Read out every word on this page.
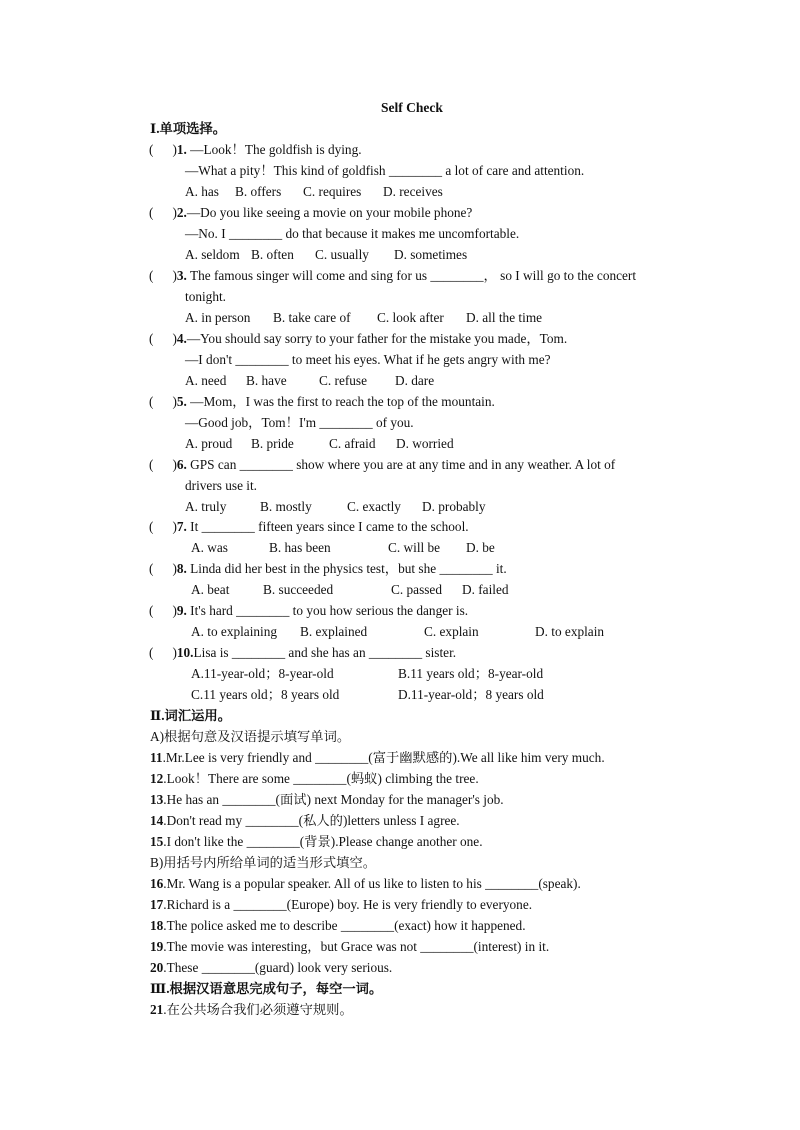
Self Check
Ⅰ.单项选择。
( )1. —Look！The goldfish is dying.
—What a pity！This kind of goldfish ________ a lot of care and attention.
A. has B. offers C. requires D. receives
( )2.—Do you like seeing a movie on your mobile phone?
—No. I ________ do that because it makes me uncomfortable.
A. seldom B. often C. usually D. sometimes
( )3. The famous singer will come and sing for us ________， so I will go to the concert
tonight.
A. in person B. take care of C. look after D. all the time
( )4.—You should say sorry to your father for the mistake you made，Tom.
—I don't ________ to meet his eyes. What if he gets angry with me?
A. need B. have C. refuse D. dare
( )5. —Mom，I was the first to reach the top of the mountain.
—Good job，Tom！I'm ________ of you.
A. proud B. pride	C. afraid D. worried
( )6. GPS can ________ show where you are at any time and in any weather. A lot of
drivers use it.
A. truly	B. mostly	C. exactly D. probably
( )7. It ________ fifteen years since I came to the school.
A. was	B. has been	C. will be D. be
( )8. Linda did her best in the physics test，but she ________ it.
A. beat	B. succeeded	C. passed D. failed
( )9. It's hard ________ to you how serious the danger is.
A. to explaining B. explained	C. explain	D. to explain
( )10.Lisa is ________ and she has an ________ sister.
A.11-year-old；8-year-old	B.11 years old；8-year-old
C.11 years old；8 years old	D.11-year-old；8 years old
Ⅱ.词汇运用。
A)根据句意及汉语提示填写单词。
11.Mr.Lee is very friendly and ________(富于幽默感的).We all like him very much.
12.Look！There are some ________(蚂蚁) climbing the tree.
13.He has an ________(面试) next Monday for the manager's job.
14.Don't read my ________(私人的)letters unless I agree.
15.I don't like the ________(背景).Please change another one.
B)用括号内所给单词的适当形式填空。
16.Mr. Wang is a popular speaker. All of us like to listen to his ________(speak).
17.Richard is a ________(Europe) boy. He is very friendly to everyone.
18.The police asked me to describe ________(exact) how it happened.
19.The movie was interesting，but Grace was not ________(interest) in it.
20.These ________(guard) look very serious.
Ⅲ.根据汉语意思完成句子，每空一词。
21.在公共场合我们必须遵守规则。
